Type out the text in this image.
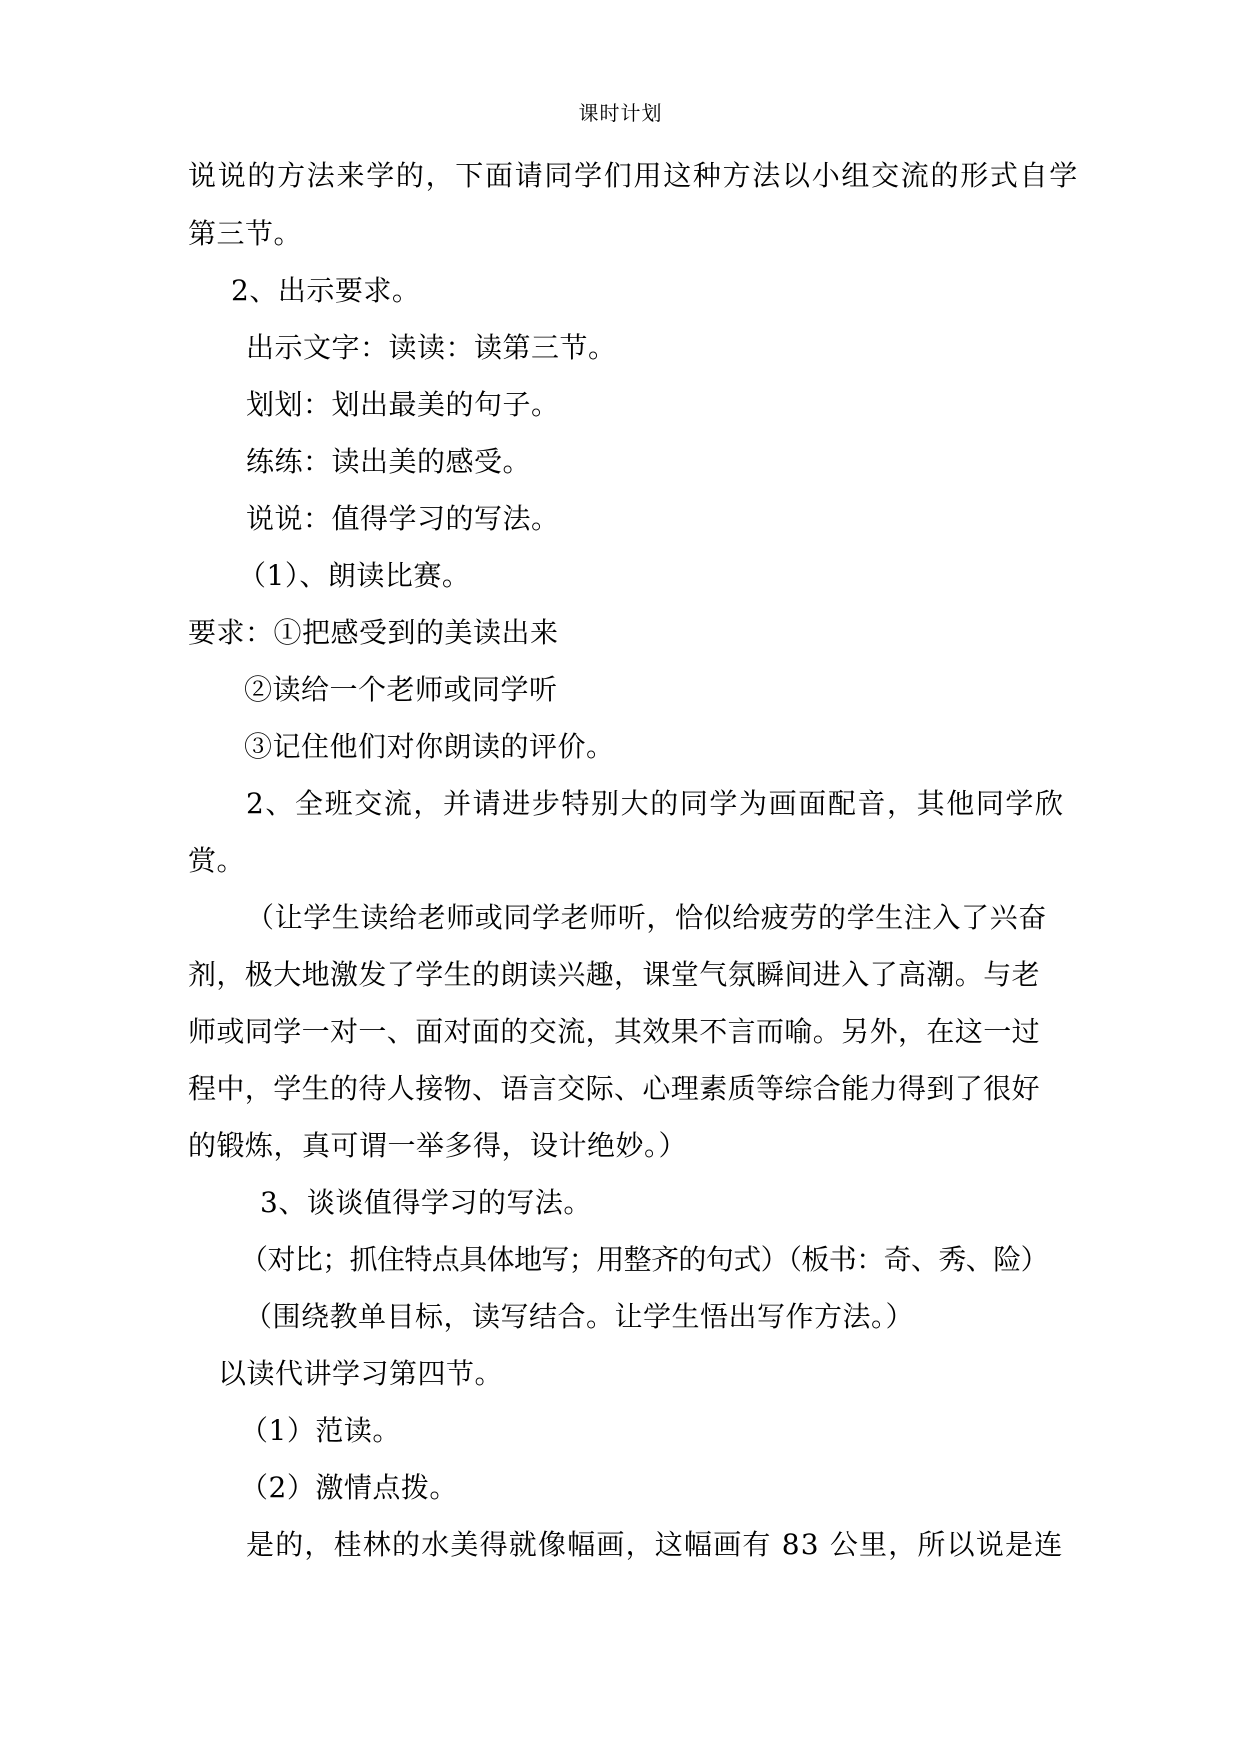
课时计划
说说的方法来学的，下面请同学们用这种方法以小组交流的形式自学
第三节。
2、出示要求。
出示文字：读读：读第三节。
划划：划出最美的句子。
练练：读出美的感受。
说说：值得学习的写法。
（1）、朗读比赛。
要求：①把感受到的美读出来
②读给一个老师或同学听
③记住他们对你朗读的评价。
2、全班交流，并请进步特别大的同学为画面配音，其他同学欣
赏。
（让学生读给老师或同学老师听，恰似给疲劳的学生注入了兴奋
剂，极大地激发了学生的朗读兴趣，课堂气氛瞬间进入了高潮。与老
师或同学一对一、面对面的交流，其效果不言而喻。另外，在这一过
程中，学生的待人接物、语言交际、心理素质等综合能力得到了很好
的锻炼，真可谓一举多得，设计绝妙。）
3、谈谈值得学习的写法。
（对比；抓住特点具体地写；用整齐的句式）（板书：奇、秀、险）
（围绕教单目标，读写结合。让学生悟出写作方法。）
以读代讲学习第四节。
（1）范读。
（2）激情点拨。
是的，桂林的水美得就像幅画，这幅画有 83 公里，所以说是连
